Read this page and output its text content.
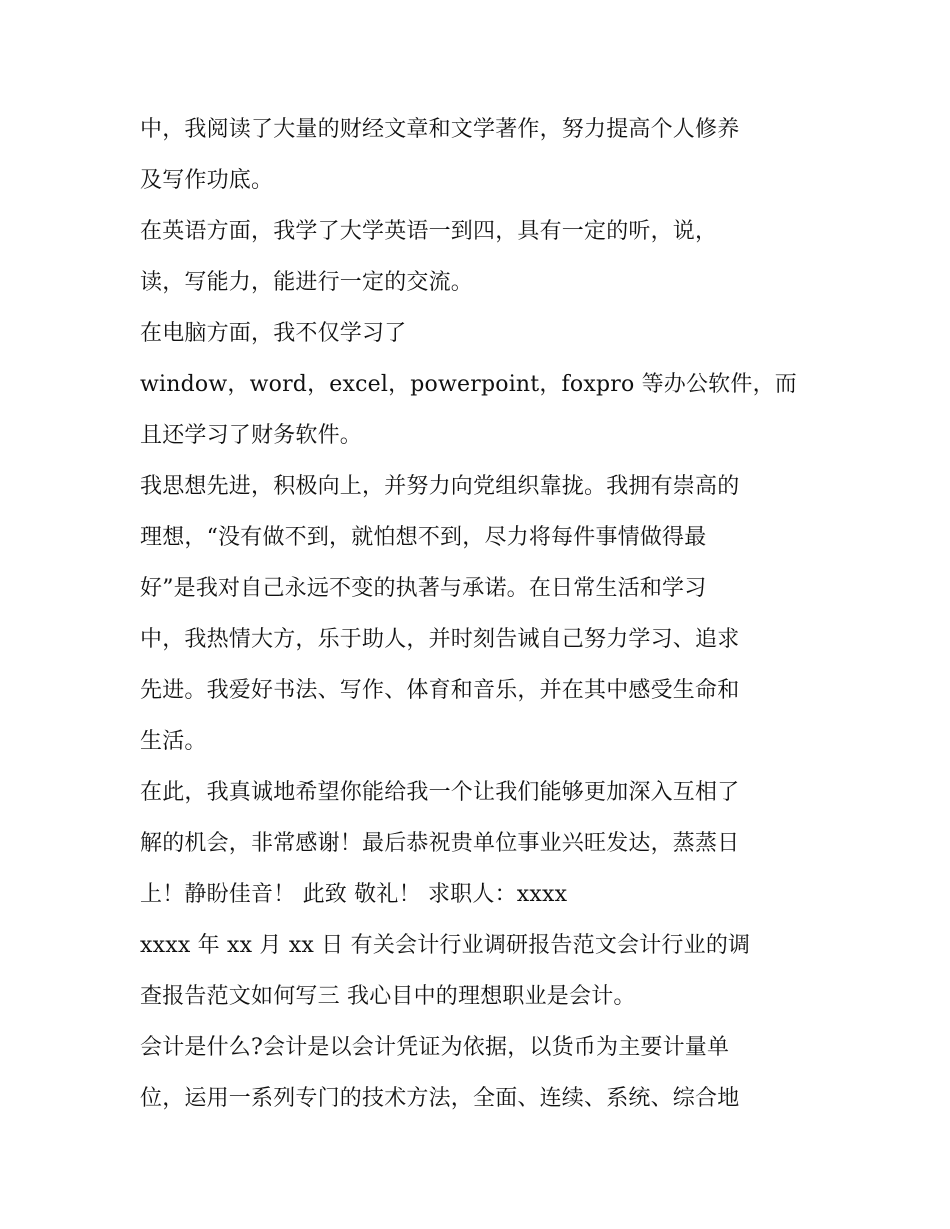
中，我阅读了大量的财经文章和文学著作，努力提高个人修养
及写作功底。
在英语方面，我学了大学英语一到四，具有一定的听，说，
读，写能力，能进行一定的交流。
在电脑方面，我不仅学习了
window，word，excel，powerpoint，foxpro 等办公软件，而
且还学习了财务软件。
我思想先进，积极向上，并努力向党组织靠拢。我拥有崇高的
理想，“没有做不到，就怕想不到，尽力将每件事情做得最
好”是我对自己永远不变的执著与承诺。在日常生活和学习
中，我热情大方，乐于助人，并时刻告诫自己努力学习、追求
先进。我爱好书法、写作、体育和音乐，并在其中感受生命和
生活。
在此，我真诚地希望你能给我一个让我们能够更加深入互相了
解的机会，非常感谢！最后恭祝贵单位事业兴旺发达，蒸蒸日
上！静盼佳音！ 此致 敬礼！ 求职人：xxxx
xxxx 年 xx 月 xx 日 有关会计行业调研报告范文会计行业的调
查报告范文如何写三 我心目中的理想职业是会计。
会计是什么?会计是以会计凭证为依据，以货币为主要计量单
位，运用一系列专门的技术方法，全面、连续、系统、综合地
